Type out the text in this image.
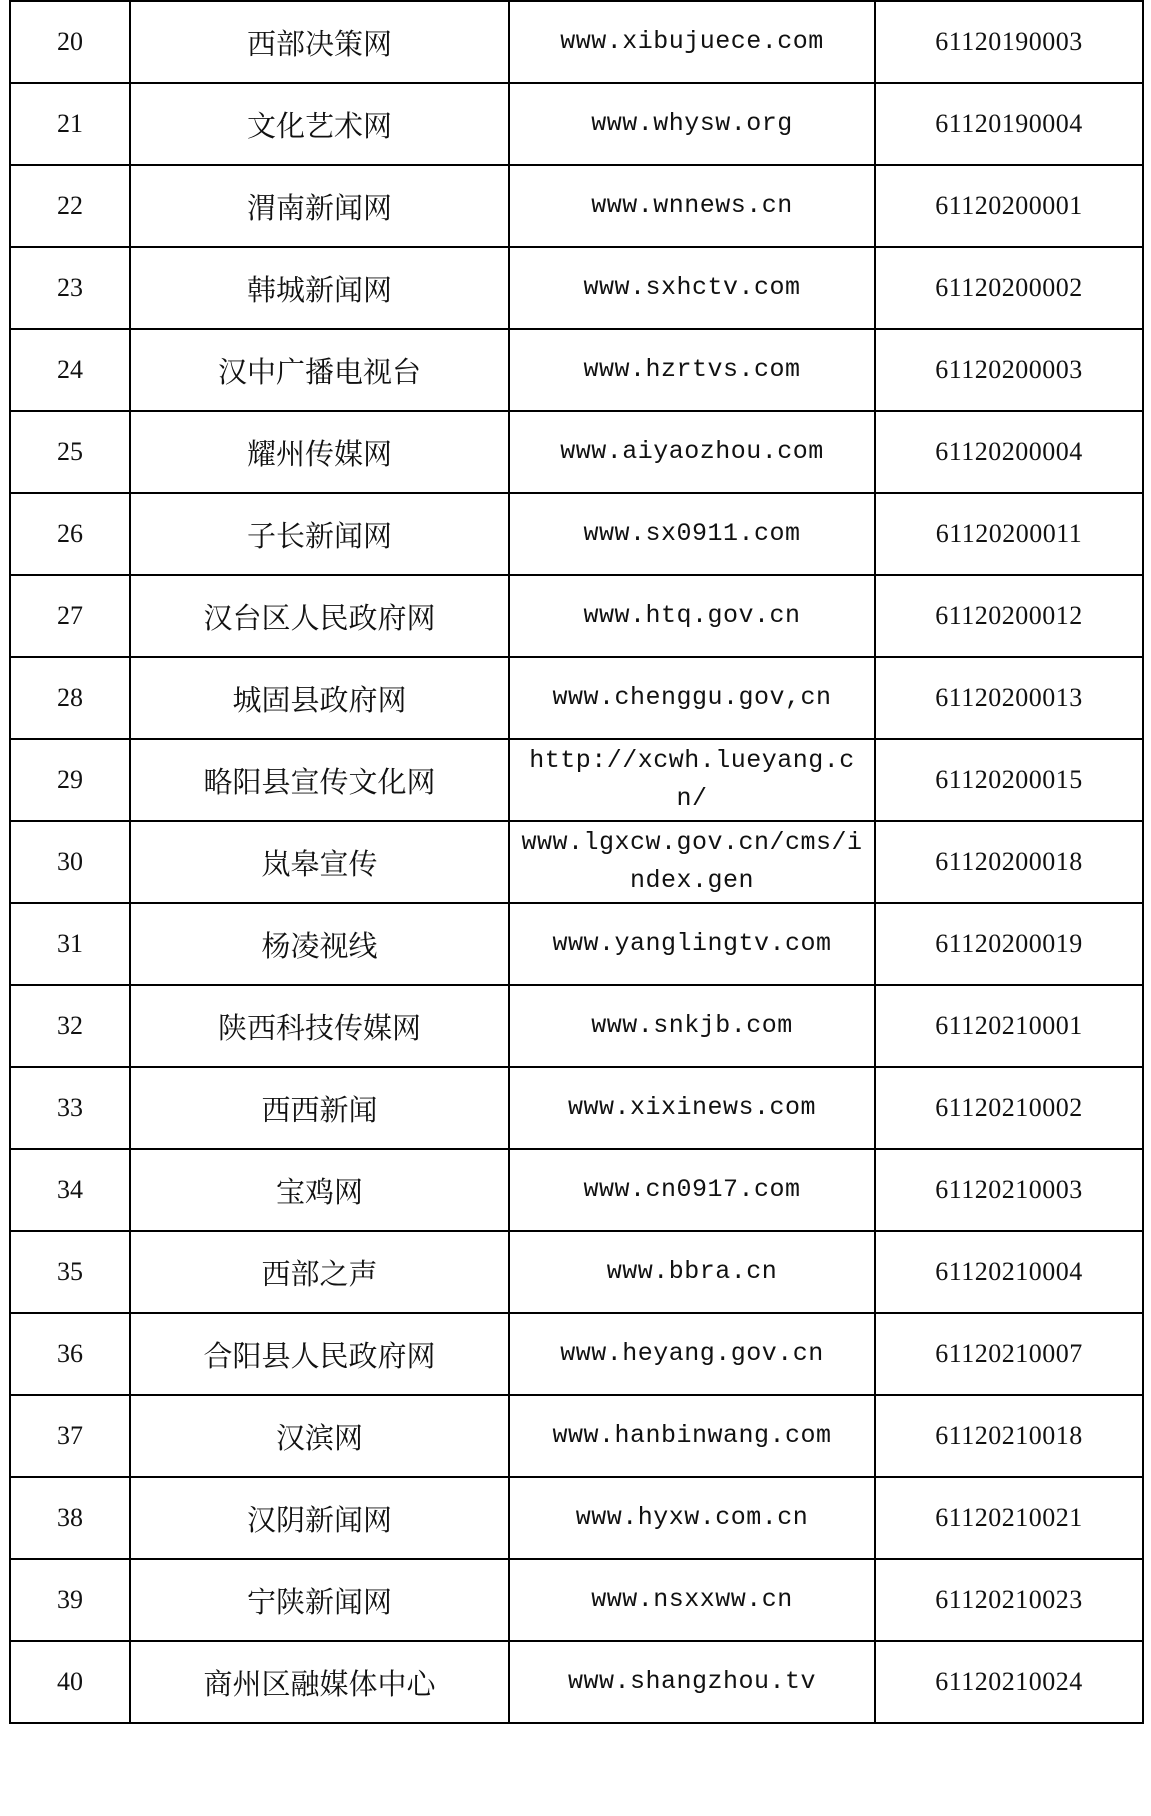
20	西部决策网	www.xibujuece.com	61120190003
21	文化艺术网	www.whysw.org	61120190004
22	渭南新闻网	www.wnnews.cn	61120200001
23	韩城新闻网	www.sxhctv.com	61120200002
24	汉中广播电视台	www.hzrtvs.com	61120200003
25	耀州传媒网	www.aiyaozhou.com	61120200004
26	子长新闻网	www.sx0911.com	61120200011
27	汉台区人民政府网	www.htq.gov.cn	61120200012
28	城固县政府网	www.chenggu.gov,cn	61120200013
29	略阳县宣传文化网	http://xcwh.lueyang.cn/	61120200015
30	岚皋宣传	www.lgxcw.gov.cn/cms/index.gen	61120200018
31	杨凌视线	www.yanglingtv.com	61120200019
32	陕西科技传媒网	www.snkjb.com	61120210001
33	西西新闻	www.xixinews.com	61120210002
34	宝鸡网	www.cn0917.com	61120210003
35	西部之声	www.bbra.cn	61120210004
36	合阳县人民政府网	www.heyang.gov.cn	61120210007
37	汉滨网	www.hanbinwang.com	61120210018
38	汉阴新闻网	www.hyxw.com.cn	61120210021
39	宁陕新闻网	www.nsxxww.cn	61120210023
40	商州区融媒体中心	www.shangzhou.tv	61120210024
